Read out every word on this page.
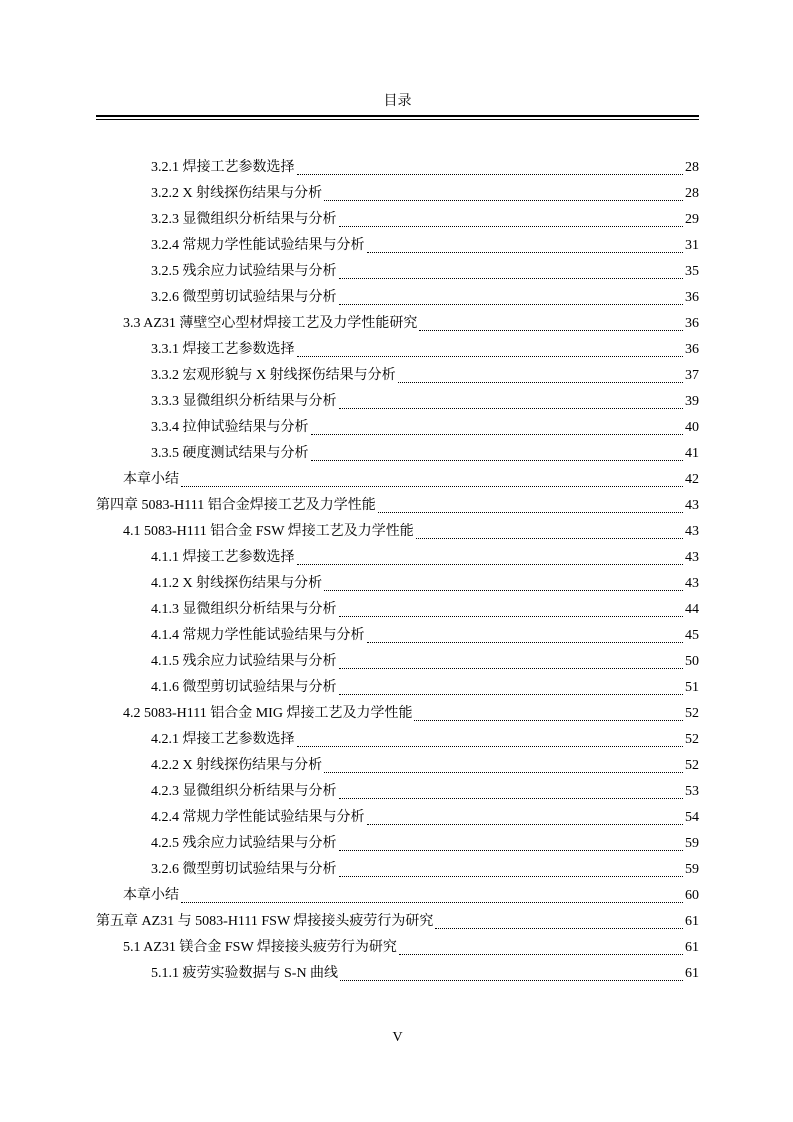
目录
3.2.1 焊接工艺参数选择	28
3.2.2 X 射线探伤结果与分析	28
3.2.3 显微组织分析结果与分析	29
3.2.4 常规力学性能试验结果与分析	31
3.2.5 残余应力试验结果与分析	35
3.2.6 微型剪切试验结果与分析	36
3.3 AZ31 薄壁空心型材焊接工艺及力学性能研究	36
3.3.1 焊接工艺参数选择	36
3.3.2 宏观形貌与 X 射线探伤结果与分析	37
3.3.3 显微组织分析结果与分析	39
3.3.4 拉伸试验结果与分析	40
3.3.5 硬度测试结果与分析	41
本章小结	42
第四章 5083-H111 铝合金焊接工艺及力学性能	43
4.1 5083-H111 铝合金 FSW 焊接工艺及力学性能	43
4.1.1 焊接工艺参数选择	43
4.1.2 X 射线探伤结果与分析	43
4.1.3 显微组织分析结果与分析	44
4.1.4 常规力学性能试验结果与分析	45
4.1.5 残余应力试验结果与分析	50
4.1.6 微型剪切试验结果与分析	51
4.2 5083-H111 铝合金 MIG 焊接工艺及力学性能	52
4.2.1 焊接工艺参数选择	52
4.2.2 X 射线探伤结果与分析	52
4.2.3 显微组织分析结果与分析	53
4.2.4 常规力学性能试验结果与分析	54
4.2.5 残余应力试验结果与分析	59
3.2.6 微型剪切试验结果与分析	59
本章小结	60
第五章 AZ31 与 5083-H111 FSW 焊接接头疲劳行为研究	61
5.1 AZ31 镁合金 FSW 焊接接头疲劳行为研究	61
5.1.1 疲劳实验数据与 S-N 曲线	61
V
